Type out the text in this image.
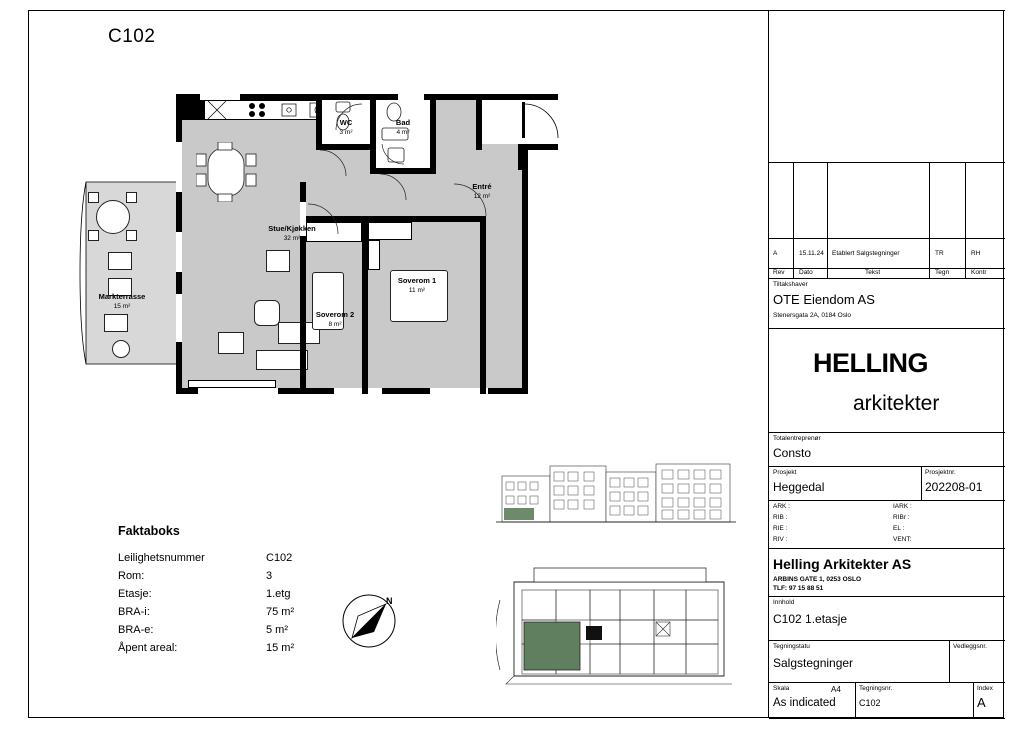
C102
Stue/Kjøkken
32 m²
WC
3 m²
Bad
4 m²
Entré
12 m²
Soverom 1
11 m²
Soverom 2
8 m²
Markterrasse
15 m²
Faktaboks
Leilighetsnummer	C102
Rom:	3
Etasje:	1.etg
BRA-i:	75 m²
BRA-e:	5 m²
Åpent areal:	15 m²
N
A	15.11.24 Etablert Salgstegninger	TR	RH
Rev Dato	Tekst	Tegn	Kontr
Tiltakshaver
OTE Eiendom AS
Stenersgata 2A, 0184 Oslo
HELLING
arkitekter
Totalentreprenør
Consto
Prosjekt
Heggedal
Prosjektnr.
202208-01
ARK :	IARK :
RIB :	RIBr :
RIE :	EL :
RIV :	VENT:
Helling Arkitekter AS
ARBINS GATE 1, 0253 OSLO
TLF: 97 15 88 51
Innhold
C102 1.etasje
Tegningstatu
Salgstegninger
Vedleggsnr.
Skala	A4
As indicated
Tegningsnr.
C102
Index
A
